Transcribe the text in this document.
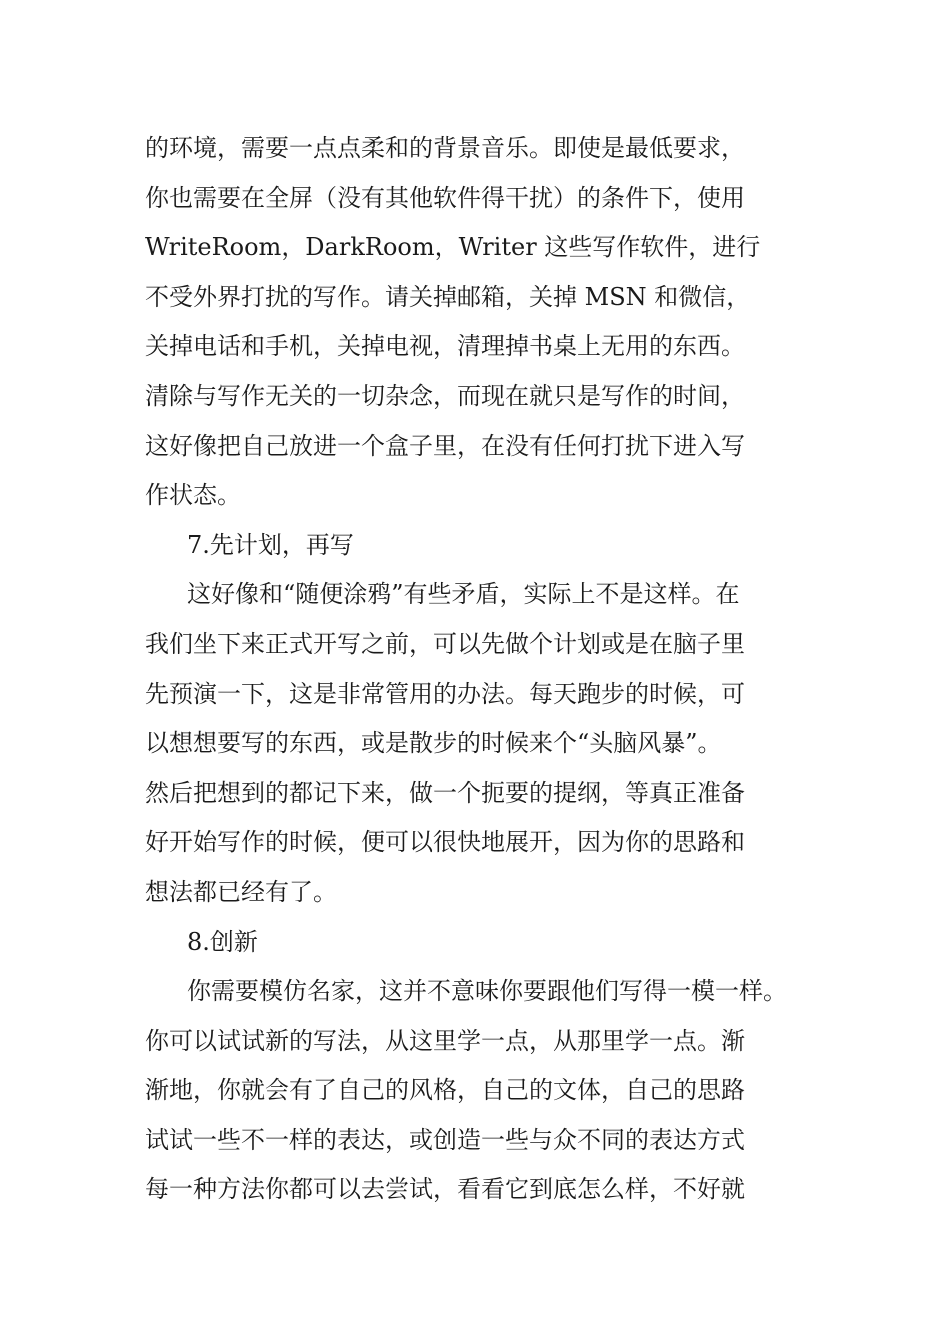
的环境，需要一点点柔和的背景音乐。即使是最低要求，
你也需要在全屏（没有其他软件得干扰）的条件下，使用
WriteRoom，DarkRoom，Writer 这些写作软件，进行
不受外界打扰的写作。请关掉邮箱，关掉 MSN 和微信，
关掉电话和手机，关掉电视，清理掉书桌上无用的东西。
清除与写作无关的一切杂念，而现在就只是写作的时间，
这好像把自己放进一个盒子里，在没有任何打扰下进入写
作状态。
7.先计划，再写
这好像和“随便涂鸦”有些矛盾，实际上不是这样。在
我们坐下来正式开写之前，可以先做个计划或是在脑子里
先预演一下，这是非常管用的办法。每天跑步的时候，可
以想想要写的东西，或是散步的时候来个“头脑风暴”。
然后把想到的都记下来，做一个扼要的提纲，等真正准备
好开始写作的时候，便可以很快地展开，因为你的思路和
想法都已经有了。
8.创新
你需要模仿名家，这并不意味你要跟他们写得一模一样。
你可以试试新的写法，从这里学一点，从那里学一点。渐
渐地，你就会有了自己的风格，自己的文体，自己的思路
试试一些不一样的表达，或创造一些与众不同的表达方式
每一种方法你都可以去尝试，看看它到底怎么样，不好就
